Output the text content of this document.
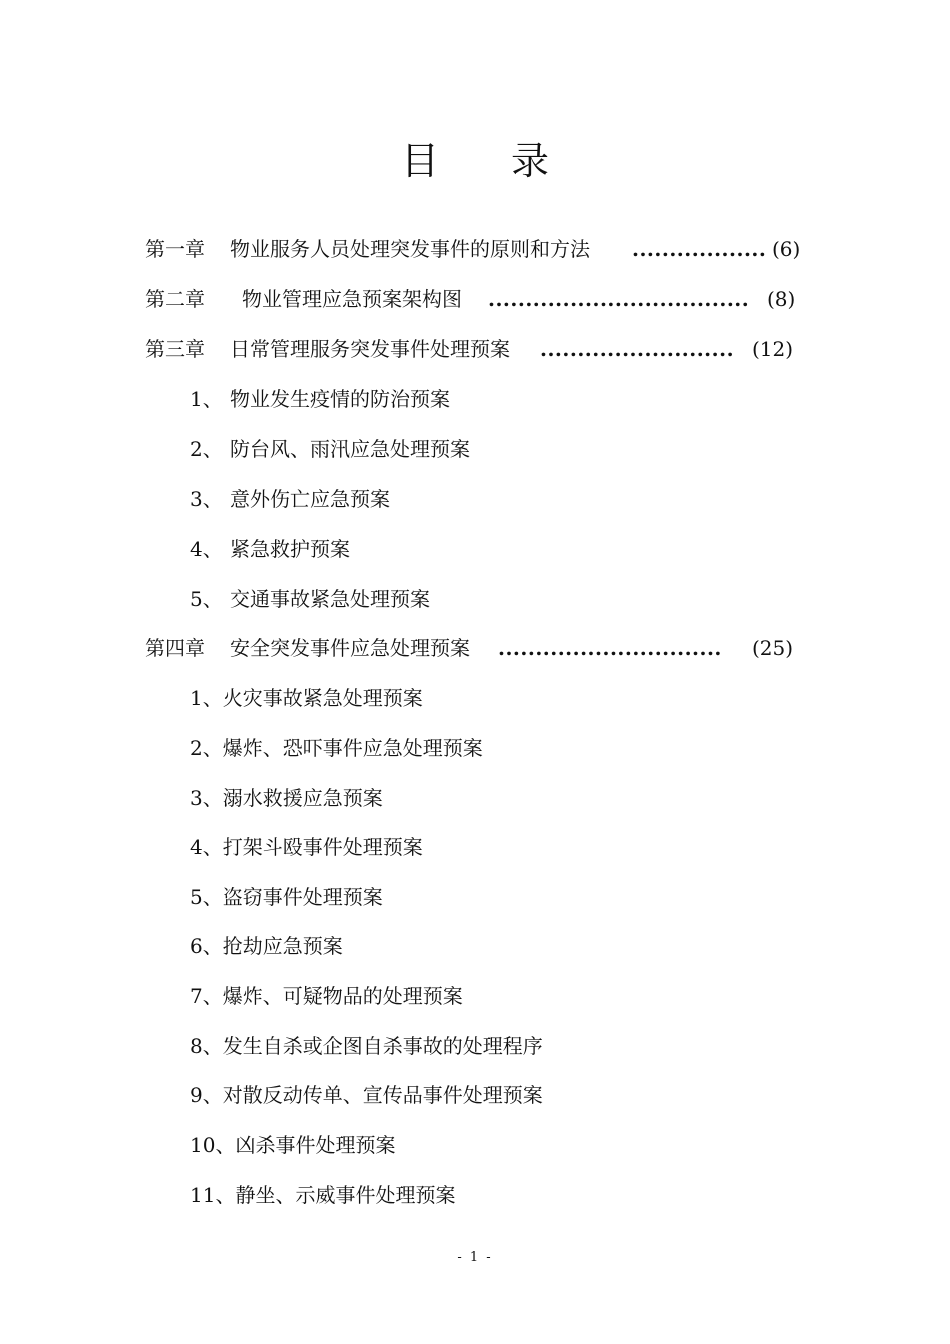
目 录
第一章 物业服务人员处理突发事件的原则和方法 .................. (6)
第二章 物业管理应急预案架构图 ................................... (8)
第三章 日常管理服务突发事件处理预案 .......................... (12)
1、 物业发生疫情的防治预案
2、 防台风、雨汛应急处理预案
3、 意外伤亡应急预案
4、 紧急救护预案
5、 交通事故紧急处理预案
第四章 安全突发事件应急处理预案 .............................. (25)
1、火灾事故紧急处理预案
2、爆炸、恐吓事件应急处理预案
3、溺水救援应急预案
4、打架斗殴事件处理预案
5、盗窃事件处理预案
6、抢劫应急预案
7、爆炸、可疑物品的处理预案
8、发生自杀或企图自杀事故的处理程序
9、对散反动传单、宣传品事件处理预案
10、凶杀事件处理预案
11、静坐、示威事件处理预案
- 1 -
